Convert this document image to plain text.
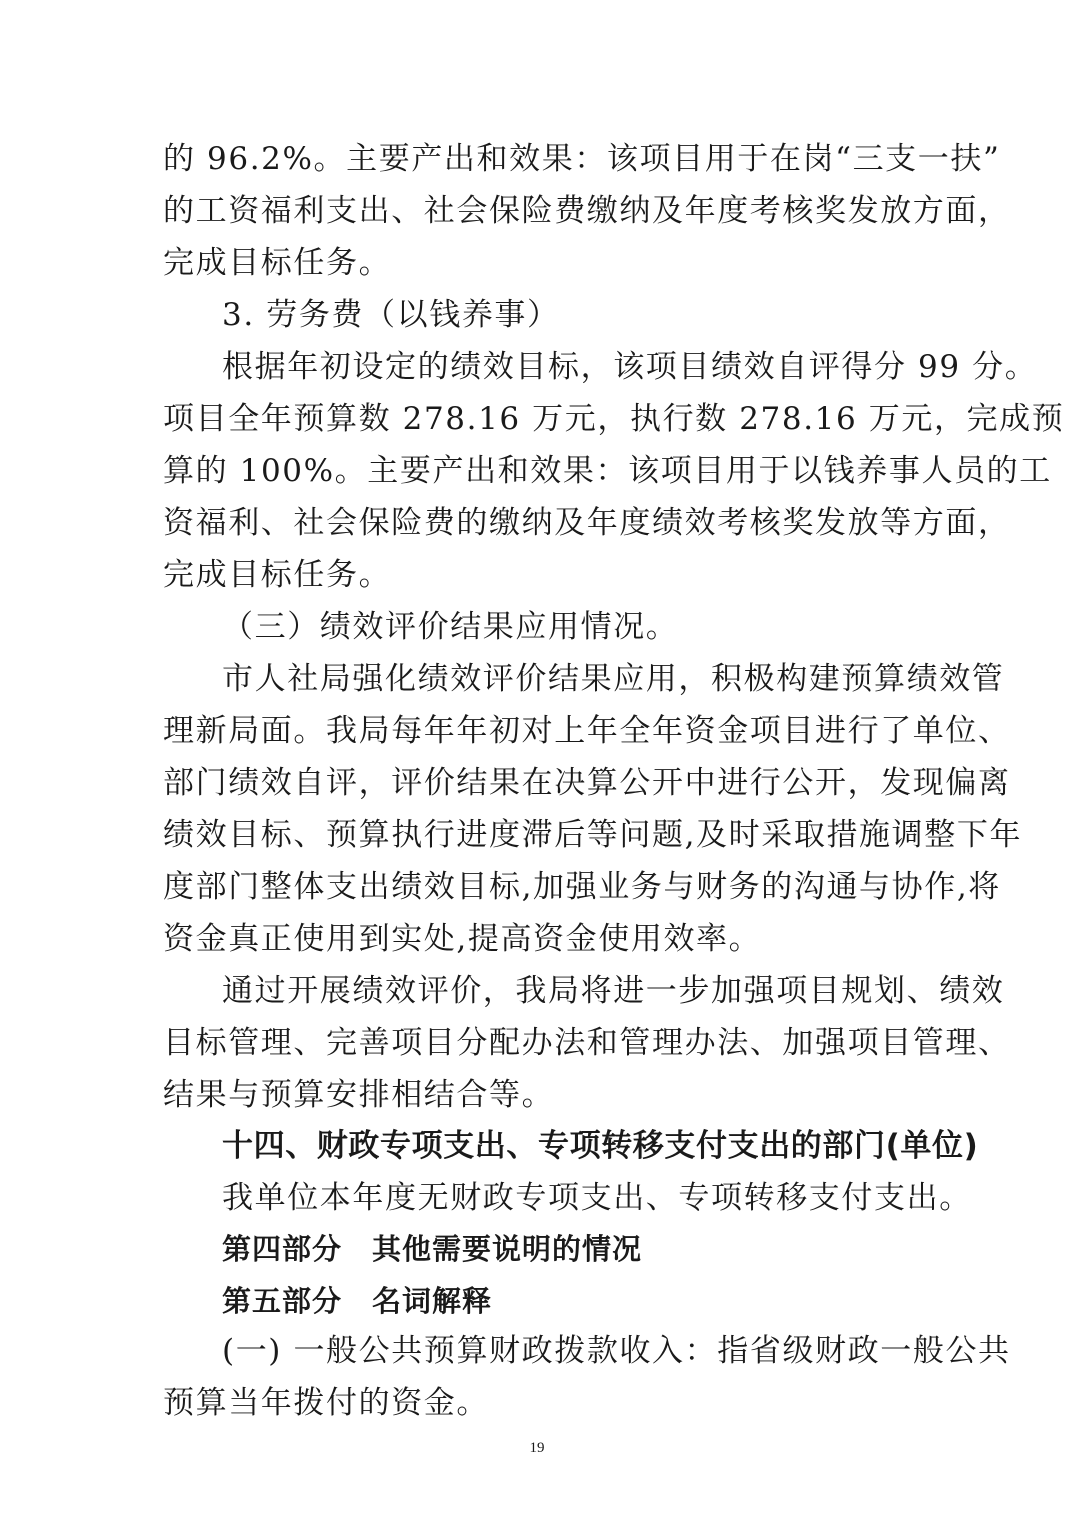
的 96.2%。主要产出和效果：该项目用于在岗“三支一扶”
的工资福利支出、社会保险费缴纳及年度考核奖发放方面，
完成目标任务。
3. 劳务费（以钱养事）
根据年初设定的绩效目标，该项目绩效自评得分 99 分。
项目全年预算数 278.16 万元，执行数 278.16 万元，完成预
算的 100%。主要产出和效果：该项目用于以钱养事人员的工
资福利、社会保险费的缴纳及年度绩效考核奖发放等方面，
完成目标任务。
（三）绩效评价结果应用情况。
市人社局强化绩效评价结果应用，积极构建预算绩效管
理新局面。我局每年年初对上年全年资金项目进行了单位、
部门绩效自评，评价结果在决算公开中进行公开，发现偏离
绩效目标、预算执行进度滞后等问题,及时采取措施调整下年
度部门整体支出绩效目标,加强业务与财务的沟通与协作,将
资金真正使用到实处,提高资金使用效率。
通过开展绩效评价，我局将进一步加强项目规划、绩效
目标管理、完善项目分配办法和管理办法、加强项目管理、
结果与预算安排相结合等。
十四、财政专项支出、专项转移支付支出的部门(单位)
我单位本年度无财政专项支出、专项转移支付支出。
第四部分　其他需要说明的情况
第五部分　名词解释
(一) 一般公共预算财政拨款收入：指省级财政一般公共
预算当年拨付的资金。
19
